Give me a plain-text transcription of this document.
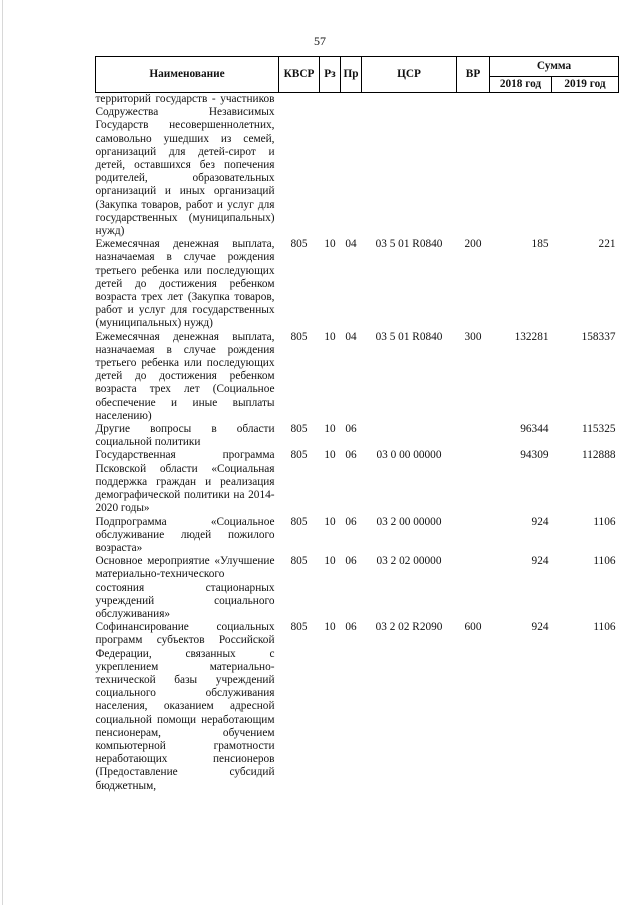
57
Наименование	КВСР	Рз	Пр	ЦСР	ВР	Сумма	
						2018 год	2019 год
территорий государств - участников Содружества Независимых Государств несовершеннолетних, самовольно ушедших из семей, организаций для детей-сирот и детей, оставшихся без попечения родителей, образовательных организаций и иных организаций (Закупка товаров, работ и услуг для государственных (муниципальных) нужд)							
Ежемесячная денежная выплата, назначаемая в случае рождения третьего ребенка или последующих детей до достижения ребенком возраста трех лет (Закупка товаров, работ и услуг для государственных (муниципальных) нужд)	805	10	04	03 5 01 R0840	200	185	221
Ежемесячная денежная выплата, назначаемая в случае рождения третьего ребенка или последующих детей до достижения ребенком возраста трех лет (Социальное обеспечение и иные выплаты населению)	805	10	04	03 5 01 R0840	300	132281	158337
Другие вопросы в области социальной политики	805	10	06			96344	115325
Государственная программа Псковской области «Социальная поддержка граждан и реализация демографической политики на 2014-2020 годы»	805	10	06	03 0 00 00000		94309	112888
Подпрограмма «Социальное обслуживание людей пожилого возраста»	805	10	06	03 2 00 00000		924	1106
Основное мероприятие «Улучшение материально-технического состояния стационарных учреждений социального обслуживания»	805	10	06	03 2 02 00000		924	1106
Софинансирование социальных программ субъектов Российской Федерации, связанных с укреплением материально-технической базы учреждений социального обслуживания населения, оказанием адресной социальной помощи неработающим пенсионерам, обучением компьютерной грамотности неработающих пенсионеров (Предоставление субсидий бюджетным,	805	10	06	03 2 02 R2090	600	924	1106
